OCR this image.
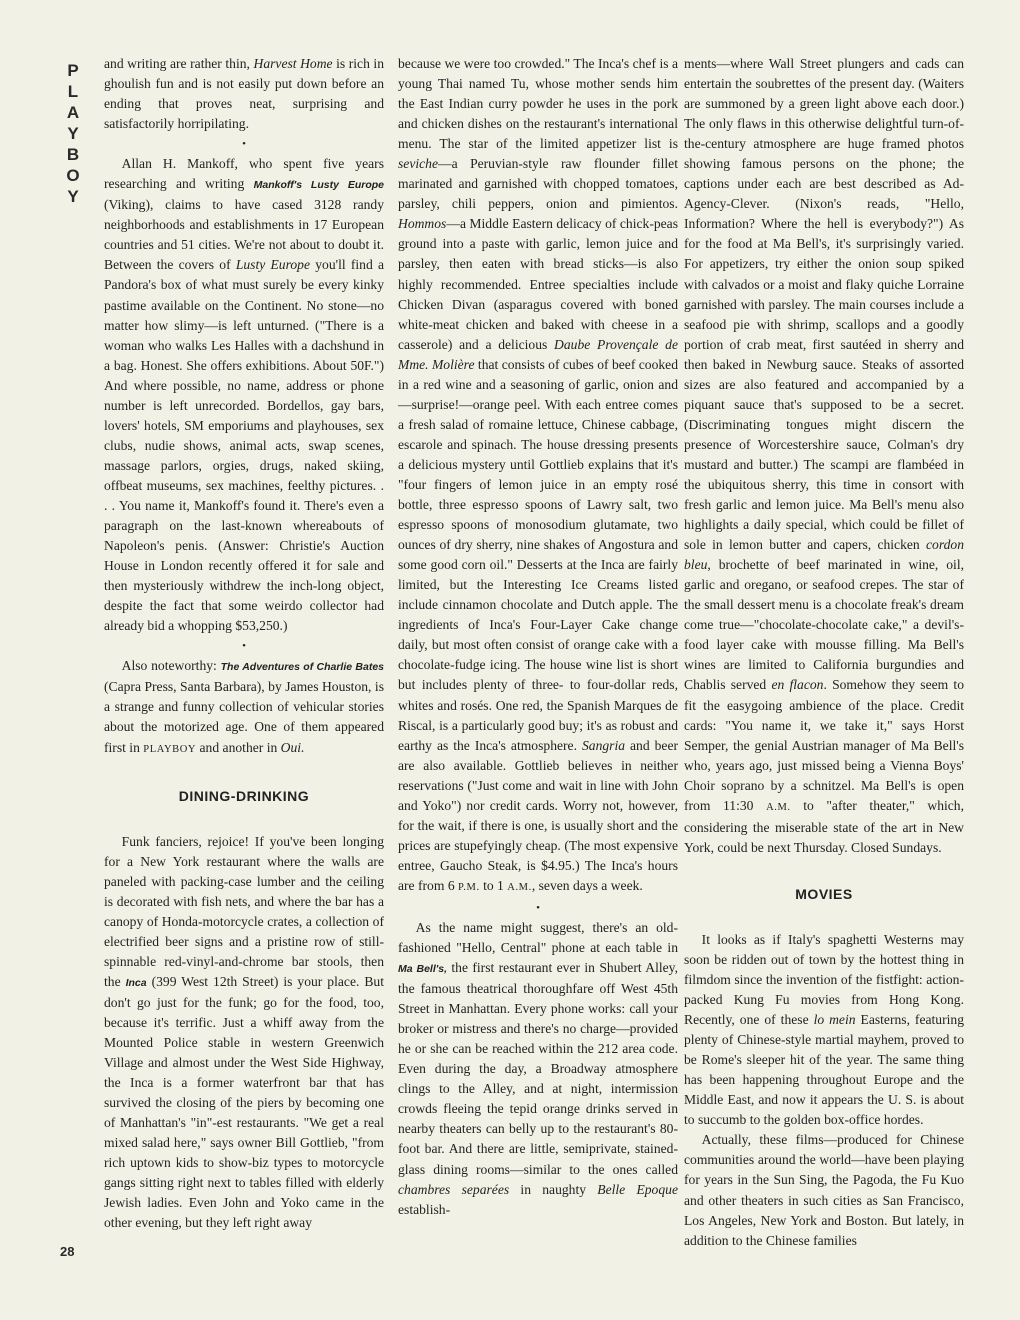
P
L
A
Y
B
O
Y
28

and writing are rather thin, Harvest Home is rich in ghoulish fun and is not easily put down before an ending that proves neat, surprising and satisfactorily horripilating.

•

Allan H. Mankoff, who spent five years researching and writing Mankoff's Lusty Europe (Viking), claims to have cased 3128 randy neighborhoods and establishments in 17 European countries and 51 cities. We're not about to doubt it. Between the covers of Lusty Europe you'll find a Pandora's box of what must surely be every kinky pastime available on the Continent. No stone—no matter how slimy—is left unturned. ("There is a woman who walks Les Halles with a dachshund in a bag. Honest. She offers exhibitions. About 50F.") And where possible, no name, address or phone number is left unrecorded. Bordellos, gay bars, lovers' hotels, SM emporiums and playhouses, sex clubs, nudie shows, animal acts, swap scenes, massage parlors, orgies, drugs, naked skiing, offbeat museums, sex machines, feelthy pictures. . . . You name it, Mankoff's found it. There's even a paragraph on the last-known whereabouts of Napoleon's penis. (Answer: Christie's Auction House in London recently offered it for sale and then mysteriously withdrew the inch-long object, despite the fact that some weirdo collector had already bid a whopping $53,250.)

•

Also noteworthy: The Adventures of Charlie Bates (Capra Press, Santa Barbara), by James Houston, is a strange and funny collection of vehicular stories about the motorized age. One of them appeared first in PLAYBOY and another in Oui.

DINING-DRINKING

Funk fanciers, rejoice! If you've been longing for a New York restaurant where the walls are paneled with packing-case lumber and the ceiling is decorated with fish nets, and where the bar has a canopy of Honda-motorcycle crates, a collection of electrified beer signs and a pristine row of still-spinnable red-vinyl-and-chrome bar stools, then the Inca (399 West 12th Street) is your place. But don't go just for the funk; go for the food, too, because it's terrific. Just a whiff away from the Mounted Police stable in western Greenwich Village and almost under the West Side Highway, the Inca is a former waterfront bar that has survived the closing of the piers by becoming one of Manhattan's "in"-est restaurants. "We get a real mixed salad here," says owner Bill Gottlieb, "from rich uptown kids to show-biz types to motorcycle gangs sitting right next to tables filled with elderly Jewish ladies. Even John and Yoko came in the other evening, but they left right away

because we were too crowded." The Inca's chef is a young Thai named Tu, whose mother sends him the East Indian curry powder he uses in the pork and chicken dishes on the restaurant's international menu. The star of the limited appetizer list is seviche—a Peruvian-style raw flounder fillet marinated and garnished with chopped tomatoes, parsley, chili peppers, onion and pimientos. Hommos—a Middle Eastern delicacy of chick-peas ground into a paste with garlic, lemon juice and parsley, then eaten with bread sticks—is also highly recommended. Entree specialties include Chicken Divan (asparagus covered with boned white-meat chicken and baked with cheese in a casserole) and a delicious Daube Provençale de Mme. Molière that consists of cubes of beef cooked in a red wine and a seasoning of garlic, onion and—surprise!—orange peel. With each entree comes a fresh salad of romaine lettuce, Chinese cabbage, escarole and spinach. The house dressing presents a delicious mystery until Gottlieb explains that it's "four fingers of lemon juice in an empty rosé bottle, three espresso spoons of Lawry salt, two espresso spoons of monosodium glutamate, two ounces of dry sherry, nine shakes of Angostura and some good corn oil." Desserts at the Inca are fairly limited, but the Interesting Ice Creams listed include cinnamon chocolate and Dutch apple. The ingredients of Inca's Four-Layer Cake change daily, but most often consist of orange cake with a chocolate-fudge icing. The house wine list is short but includes plenty of three- to four-dollar reds, whites and rosés. One red, the Spanish Marques de Riscal, is a particularly good buy; it's as robust and earthy as the Inca's atmosphere. Sangria and beer are also available. Gottlieb believes in neither reservations ("Just come and wait in line with John and Yoko") nor credit cards. Worry not, however, for the wait, if there is one, is usually short and the prices are stupefyingly cheap. (The most expensive entree, Gaucho Steak, is $4.95.) The Inca's hours are from 6 P.M. to 1 A.M., seven days a week.

•

As the name might suggest, there's an old-fashioned "Hello, Central" phone at each table in Ma Bell's, the first restaurant ever in Shubert Alley, the famous theatrical thoroughfare off West 45th Street in Manhattan. Every phone works: call your broker or mistress and there's no charge—provided he or she can be reached within the 212 area code. Even during the day, a Broadway atmosphere clings to the Alley, and at night, intermission crowds fleeing the tepid orange drinks served in nearby theaters can belly up to the restaurant's 80-foot bar. And there are little, semiprivate, stained-glass dining rooms—similar to the ones called chambres separées in naughty Belle Epoque establish-

ments—where Wall Street plungers and cads can entertain the soubrettes of the present day. (Waiters are summoned by a green light above each door.) The only flaws in this otherwise delightful turn-of-the-century atmosphere are huge framed photos showing famous persons on the phone; the captions under each are best described as Ad-Agency-Clever. (Nixon's reads, "Hello, Information? Where the hell is everybody?") As for the food at Ma Bell's, it's surprisingly varied. For appetizers, try either the onion soup spiked with calvados or a moist and flaky quiche Lorraine garnished with parsley. The main courses include a seafood pie with shrimp, scallops and a goodly portion of crab meat, first sautéed in sherry and then baked in Newburg sauce. Steaks of assorted sizes are also featured and accompanied by a piquant sauce that's supposed to be a secret. (Discriminating tongues might discern the presence of Worcestershire sauce, Colman's dry mustard and butter.) The scampi are flambéed in the ubiquitous sherry, this time in consort with fresh garlic and lemon juice. Ma Bell's menu also highlights a daily special, which could be fillet of sole in lemon butter and capers, chicken cordon bleu, brochette of beef marinated in wine, oil, garlic and oregano, or seafood crepes. The star of the small dessert menu is a chocolate freak's dream come true—"chocolate-chocolate cake," a devil's-food layer cake with mousse filling. Ma Bell's wines are limited to California burgundies and Chablis served en flacon. Somehow they seem to fit the easygoing ambience of the place. Credit cards: "You name it, we take it," says Horst Semper, the genial Austrian manager of Ma Bell's who, years ago, just missed being a Vienna Boys' Choir soprano by a schnitzel. Ma Bell's is open from 11:30 A.M. to "after theater," which, considering the miserable state of the art in New York, could be next Thursday. Closed Sundays.

MOVIES

It looks as if Italy's spaghetti Westerns may soon be ridden out of town by the hottest thing in filmdom since the invention of the fistfight: action-packed Kung Fu movies from Hong Kong. Recently, one of these lo mein Easterns, featuring plenty of Chinese-style martial mayhem, proved to be Rome's sleeper hit of the year. The same thing has been happening throughout Europe and the Middle East, and now it appears the U. S. is about to succumb to the golden box-office hordes.

Actually, these films—produced for Chinese communities around the world—have been playing for years in the Sun Sing, the Pagoda, the Fu Kuo and other theaters in such cities as San Francisco, Los Angeles, New York and Boston. But lately, in addition to the Chinese families
